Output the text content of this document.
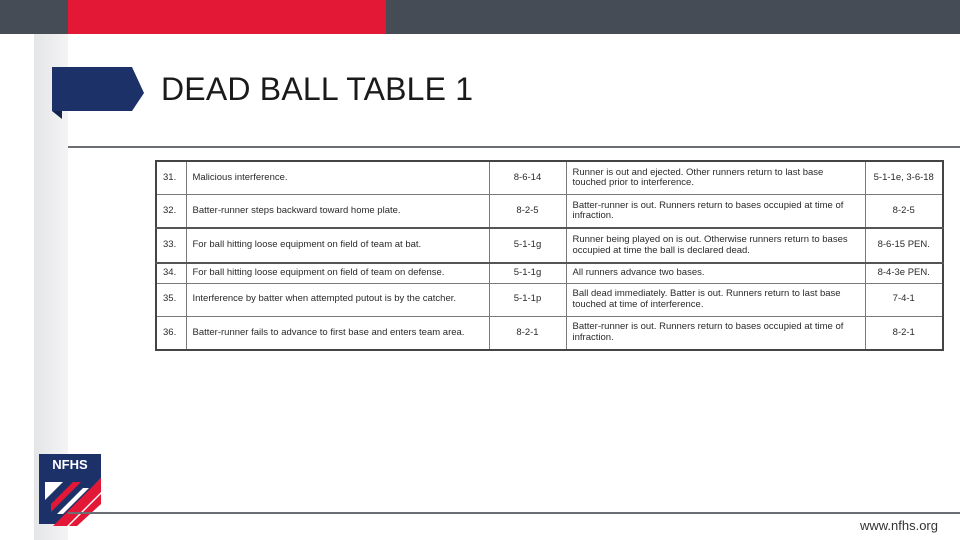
DEAD BALL TABLE 1
31.	Malicious interference.	8-6-14	Runner is out and ejected. Other runners return to last base touched prior to interference.	5-1-1e, 3-6-18
32.	Batter-runner steps backward toward home plate.	8-2-5	Batter-runner is out. Runners return to bases occupied at time of infraction.	8-2-5
33.	For ball hitting loose equipment on field of team at bat.	5-1-1g	Runner being played on is out. Otherwise runners return to bases occupied at time the ball is declared dead.	8-6-15 PEN.
34.	For ball hitting loose equipment on field of team on defense.	5-1-1g	All runners advance two bases.	8-4-3e PEN.
35.	Interference by batter when attempted putout is by the catcher.	5-1-1p	Ball dead immediately. Batter is out. Runners return to last base touched at time of interference.	7-4-1
36.	Batter-runner fails to advance to first base and enters team area.	8-2-1	Batter-runner is out. Runners return to bases occupied at time of infraction.	8-2-1
NFHS
www.nfhs.org
